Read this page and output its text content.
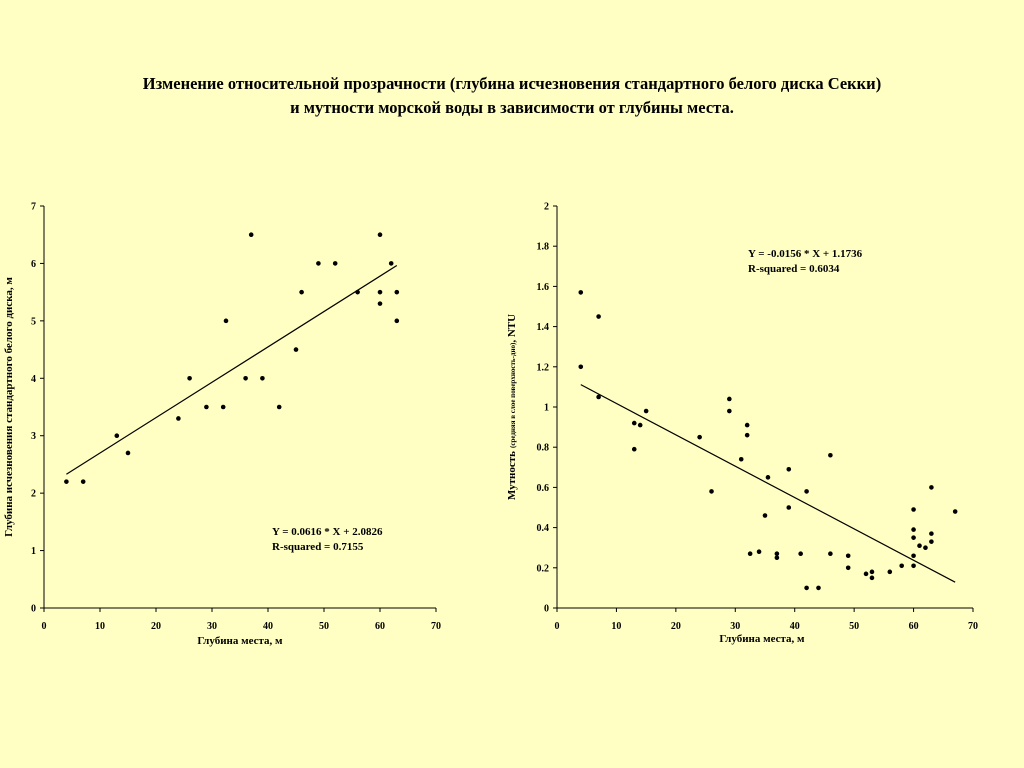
Изменение относительной прозрачности (глубина исчезновения стандартного белого диска Секки)
и мутности морской воды в зависимости от глубины места.
0	10	20	30	40	50	60	70
0
1
2
3
4
5
6
7
Глубина места, м
Глубина исчезновения стандартного белого диска, м	Y = 0.0616 * X + 2.0826
R-squared = 0.7155
0	10	20	30	40	50	60	70
0
0.2
0.4
0.6
0.8
1
1.2
1.4
1.6
1.8
2
Глубина места, м
Мутность(средняя в слое поверхность-дно), NTU
Y = -0.0156 * X + 1.1736
R-squared = 0.6034
